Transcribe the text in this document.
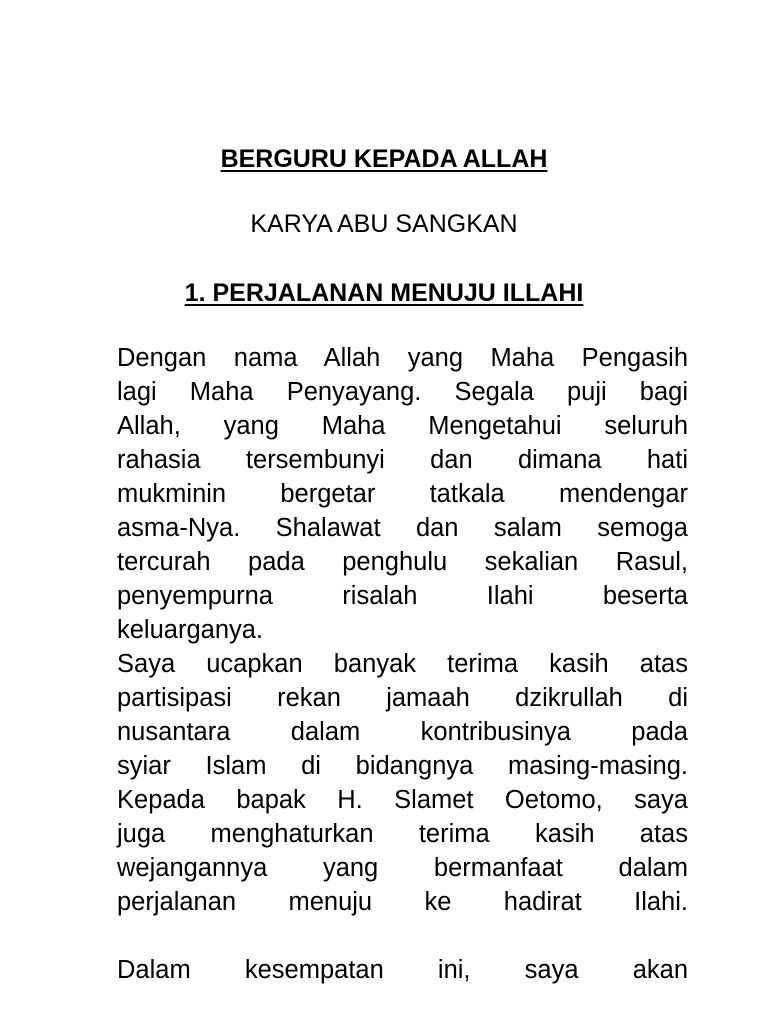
BERGURU KEPADA ALLAH
KARYA ABU SANGKAN
1. PERJALANAN MENUJU ILLAHI
Dengan nama Allah yang Maha Pengasih
lagi Maha Penyayang. Segala puji bagi
Allah, yang Maha Mengetahui seluruh
rahasia tersembunyi dan dimana hati
mukminin bergetar tatkala mendengar
asma-Nya. Shalawat dan salam semoga
tercurah pada penghulu sekalian Rasul,
penyempurna risalah Ilahi beserta
keluarganya.
Saya ucapkan banyak terima kasih atas
partisipasi rekan jamaah dzikrullah di
nusantara dalam kontribusinya pada
syiar Islam di bidangnya masing-masing.
Kepada bapak H. Slamet Oetomo, saya
juga menghaturkan terima kasih atas
wejangannya yang bermanfaat dalam
perjalanan menuju ke hadirat Ilahi.
Dalam kesempatan ini, saya akan
